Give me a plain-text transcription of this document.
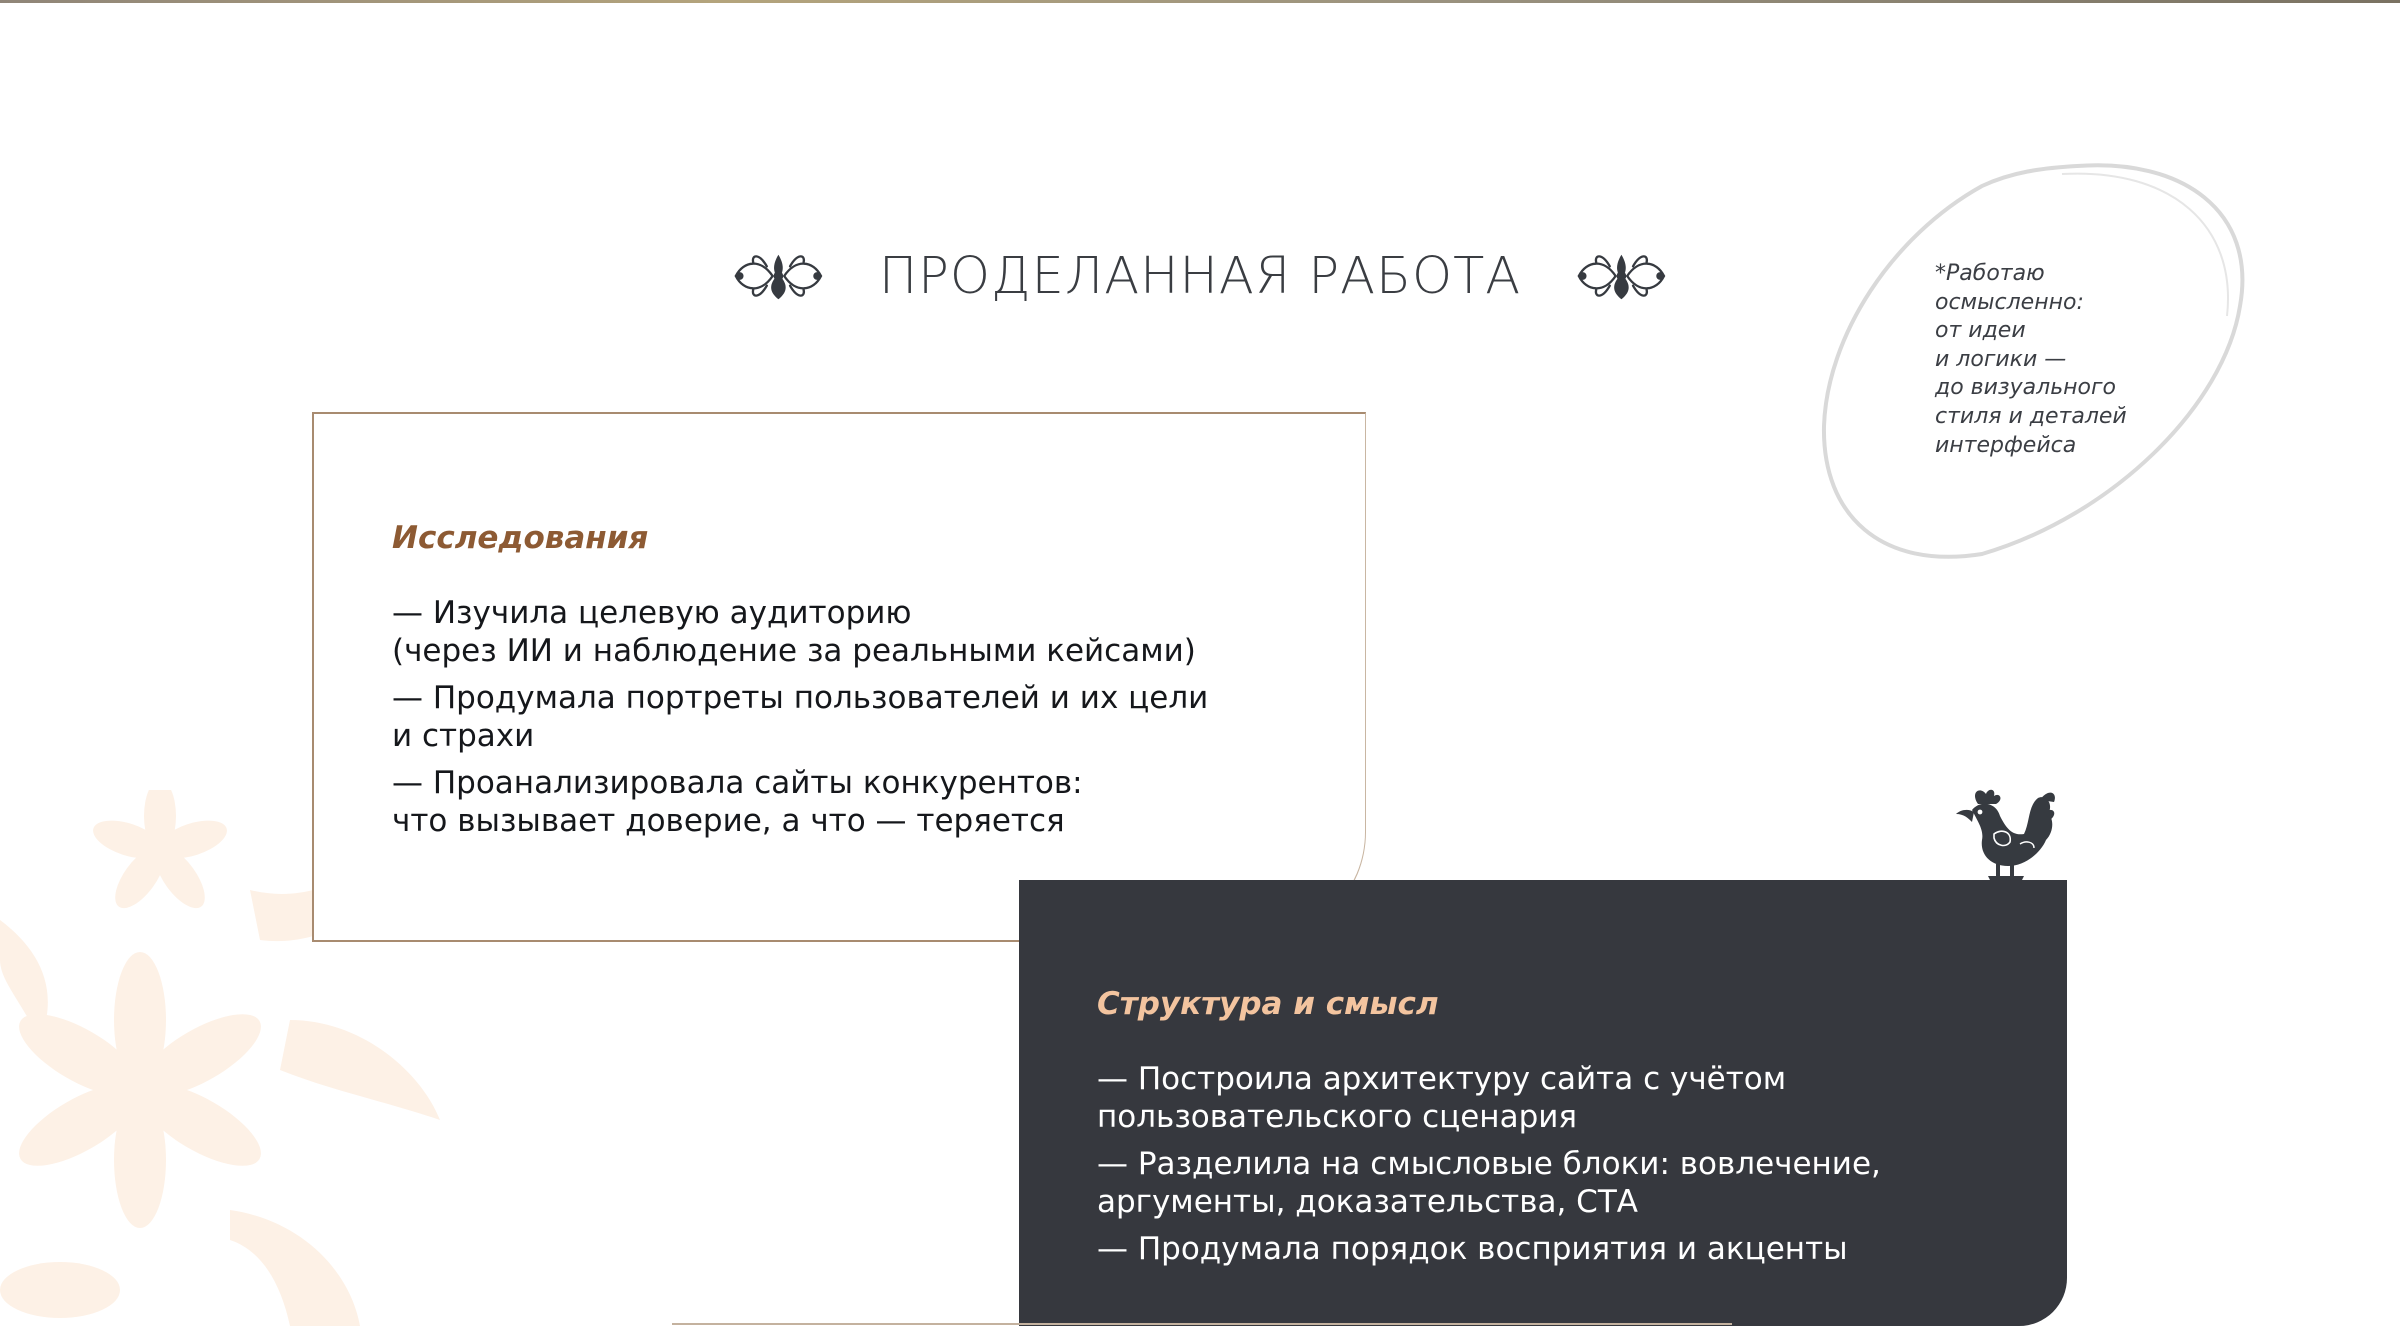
ПРОДЕЛАННАЯ РАБОТА	*Работаю
осмысленно:
от идеи
и логики —
до визуального
стиля и деталей
интерфейса
Исследования
— Изучила целевую аудиторию
(через ИИ и наблюдение за реальными кейсами)
— Продумала портреты пользователей и их цели
и страхи
— Проанализировала сайты конкурентов:
что вызывает доверие, а что — теряется
Структура и смысл
— Построила архитектуру сайта с учётом
пользовательского сценария
— Разделила на смысловые блоки: вовлечение,
аргументы, доказательства, СТА
— Продумала порядок восприятия и акценты
